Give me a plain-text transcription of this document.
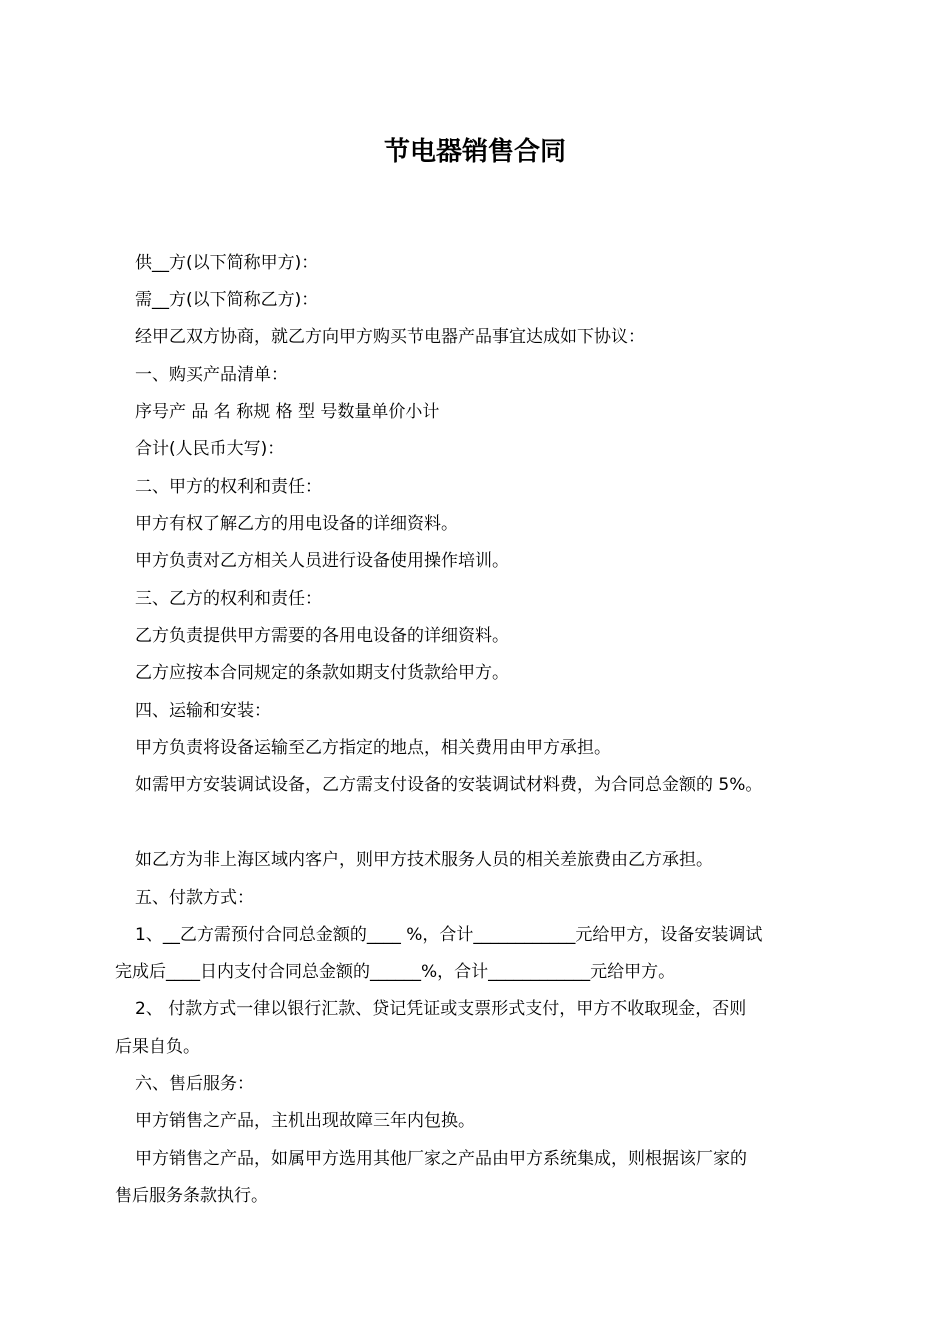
节电器销售合同
供__方(以下简称甲方)：
需__方(以下简称乙方)：
经甲乙双方协商，就乙方向甲方购买节电器产品事宜达成如下协议：
一、购买产品清单：
序号产 品 名 称规 格 型 号数量单价小计
合计(人民币大写)：
二、甲方的权利和责任：
甲方有权了解乙方的用电设备的详细资料。
甲方负责对乙方相关人员进行设备使用操作培训。
三、乙方的权利和责任：
乙方负责提供甲方需要的各用电设备的详细资料。
乙方应按本合同规定的条款如期支付货款给甲方。
四、运输和安装：
甲方负责将设备运输至乙方指定的地点，相关费用由甲方承担。
如需甲方安装调试设备，乙方需支付设备的安装调试材料费，为合同总金额的 5%。
如乙方为非上海区域内客户，则甲方技术服务人员的相关差旅费由乙方承担。
五、付款方式：
1、__乙方需预付合同总金额的____ %，合计____________元给甲方，设备安装调试
完成后____日内支付合同总金额的______%，合计____________元给甲方。
2、 付款方式一律以银行汇款、贷记凭证或支票形式支付，甲方不收取现金，否则
后果自负。
六、售后服务：
甲方销售之产品，主机出现故障三年内包换。
甲方销售之产品，如属甲方选用其他厂家之产品由甲方系统集成，则根据该厂家的
售后服务条款执行。
